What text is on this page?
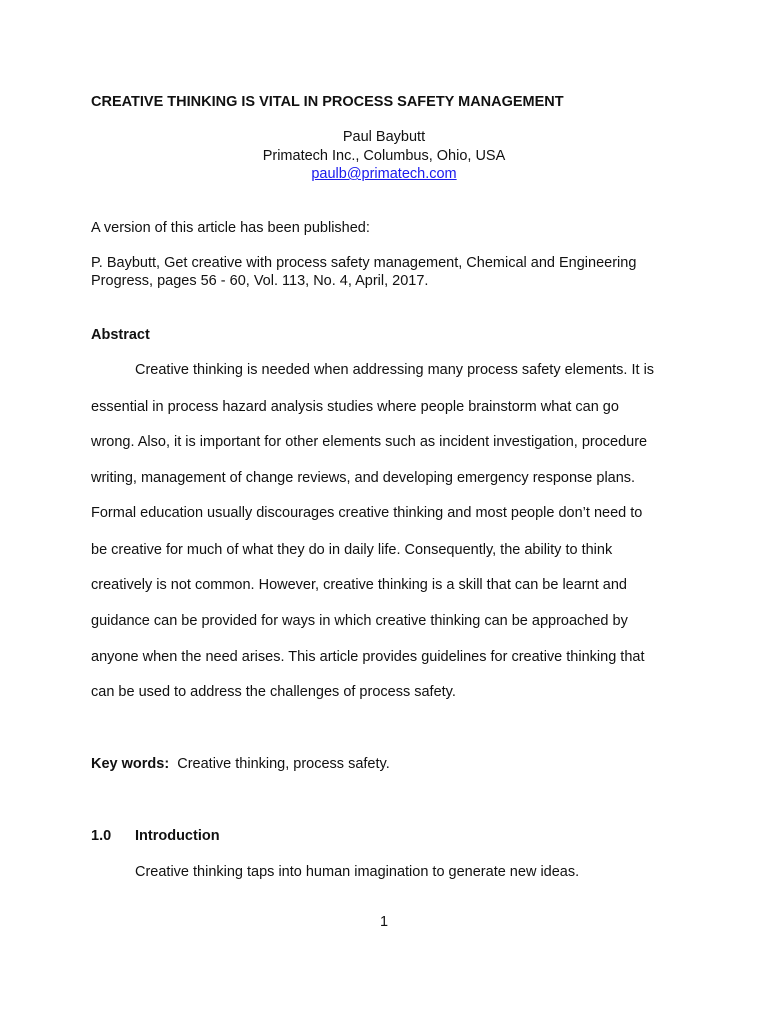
CREATIVE THINKING IS VITAL IN PROCESS SAFETY MANAGEMENT
Paul Baybutt
Primatech Inc., Columbus, Ohio, USA
paulb@primatech.com
A version of this article has been published:
P. Baybutt, Get creative with process safety management, Chemical and Engineering
Progress, pages 56 - 60, Vol. 113, No. 4, April, 2017.
Abstract
Creative thinking is needed when addressing many process safety elements. It is
essential in process hazard analysis studies where people brainstorm what can go
wrong. Also, it is important for other elements such as incident investigation, procedure
writing, management of change reviews, and developing emergency response plans.
Formal education usually discourages creative thinking and most people don’t need to
be creative for much of what they do in daily life. Consequently, the ability to think
creatively is not common. However, creative thinking is a skill that can be learnt and
guidance can be provided for ways in which creative thinking can be approached by
anyone when the need arises. This article provides guidelines for creative thinking that
can be used to address the challenges of process safety.
Key words: Creative thinking, process safety.
1.0 Introduction
Creative thinking taps into human imagination to generate new ideas.
1
